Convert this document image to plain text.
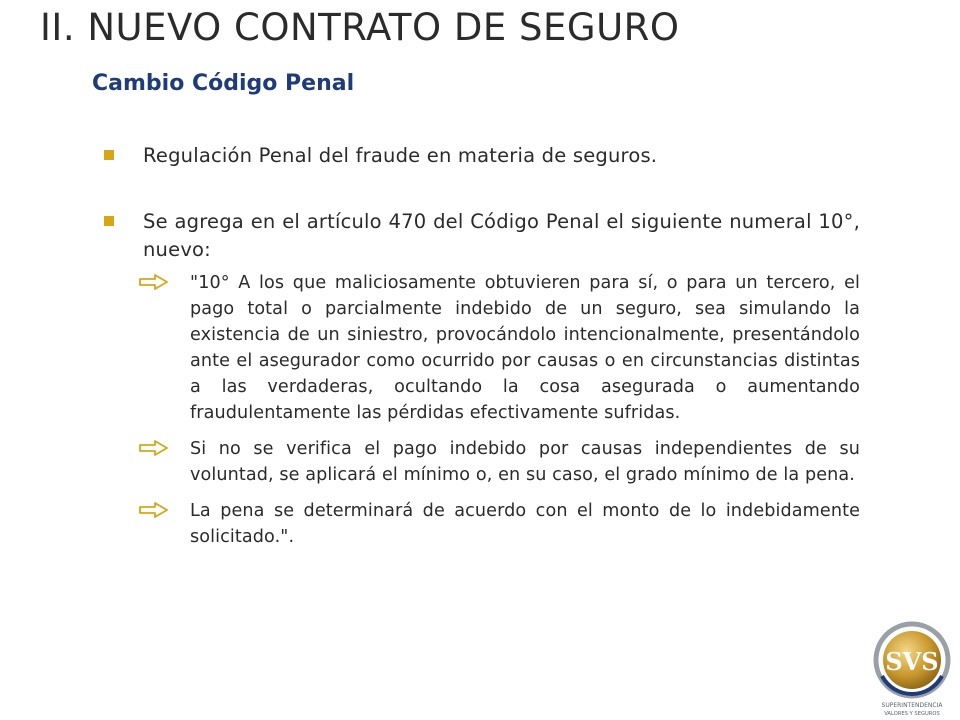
II. NUEVO CONTRATO DE SEGURO
Cambio Código Penal
Regulación Penal del fraude en materia de seguros.
Se agrega en el artículo 470 del Código Penal el siguiente numeral 10°, nuevo:
"10° A los que maliciosamente obtuvieren para sí, o para un tercero, el pago total o parcialmente indebido de un seguro, sea simulando la existencia de un siniestro, provocándolo intencionalmente, presentándolo ante el asegurador como ocurrido por causas o en circunstancias distintas a las verdaderas, ocultando la cosa asegurada o aumentando fraudulentamente las pérdidas efectivamente sufridas.
Si no se verifica el pago indebido por causas independientes de su voluntad, se aplicará el mínimo o, en su caso, el grado mínimo de la pena.
La pena se determinará de acuerdo con el monto de lo indebidamente solicitado.".
SVS
SUPERINTENDENCIA
VALORES Y SEGUROS
